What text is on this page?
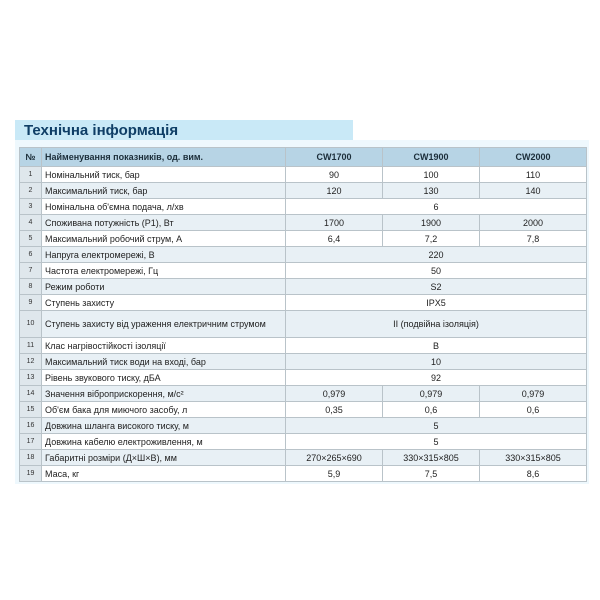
Технічна інформація
№	Найменування показників, од. вим.	CW1700	CW1900	CW2000
1	Номінальний тиск, бар	90	100	110
2	Максимальний тиск, бар	120	130	140
3	Номінальна об'ємна подача, л/хв	6		
4	Споживана потужність (Р1), Вт	1700	1900	2000
5	Максимальний робочий струм, А	6,4	7,2	7,8
6	Напруга електромережі, В	220		
7	Частота електромережі, Гц	50		
8	Режим роботи	S2		
9	Ступень захисту	IPX5		
10	Ступень захисту від ураження електричним струмом	II (подвійна ізоляція)		
11	Клас нагрівостійкості ізоляції	B		
12	Максимальний тиск води на вході, бар	10		
13	Рівень звукового тиску, дБА	92		
14	Значення віброприскорення, м/с²	0,979	0,979	0,979
15	Об'єм бака для миючого засобу, л	0,35	0,6	0,6
16	Довжина шланга високого тиску, м	5		
17	Довжина кабелю електроживлення, м	5		
18	Габаритні розміри (Д×Ш×В), мм	270×265×690	330×315×805	330×315×805
19	Маса, кг	5,9	7,5	8,6
